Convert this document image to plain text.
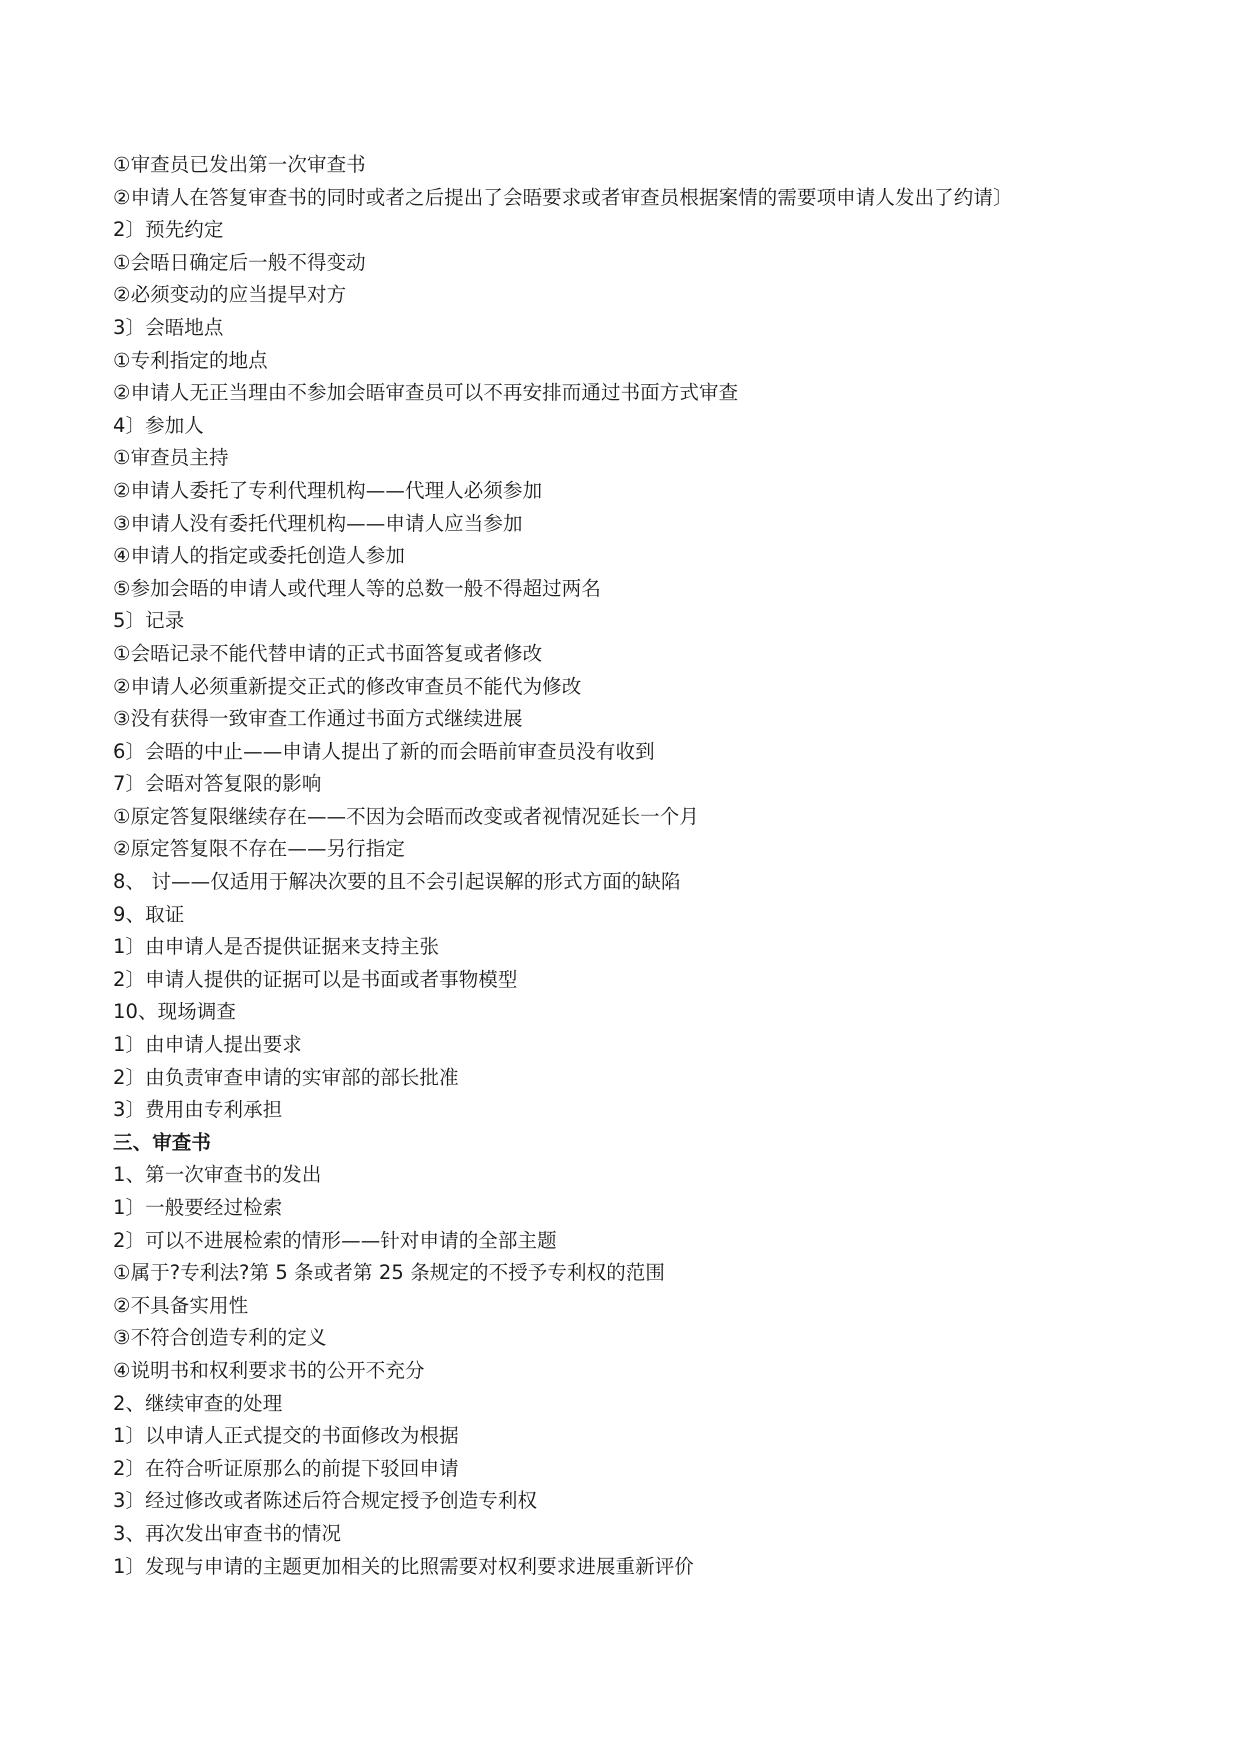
①审查员已发出第一次审查书
②申请人在答复审查书的同时或者之后提出了会晤要求或者审查员根据案情的需要项申请人发出了约请〕
2〕预先约定
①会晤日确定后一般不得变动
②必须变动的应当提早对方
3〕会晤地点
①专利指定的地点
②申请人无正当理由不参加会晤审查员可以不再安排而通过书面方式审查
4〕参加人
①审查员主持
②申请人委托了专利代理机构——代理人必须参加
③申请人没有委托代理机构——申请人应当参加
④申请人的指定或委托创造人参加
⑤参加会晤的申请人或代理人等的总数一般不得超过两名
5〕记录
①会晤记录不能代替申请的正式书面答复或者修改
②申请人必须重新提交正式的修改审查员不能代为修改
③没有获得一致审查工作通过书面方式继续进展
6〕会晤的中止——申请人提出了新的而会晤前审查员没有收到
7〕会晤对答复限的影响
①原定答复限继续存在——不因为会晤而改变或者视情况延长一个月
②原定答复限不存在——另行指定
8、 讨——仅适用于解决次要的且不会引起误解的形式方面的缺陷
9、取证
1〕由申请人是否提供证据来支持主张
2〕申请人提供的证据可以是书面或者事物模型
10、现场调查
1〕由申请人提出要求
2〕由负责审查申请的实审部的部长批准
3〕费用由专利承担
三、审查书
1、第一次审查书的发出
1〕一般要经过检索
2〕可以不进展检索的情形——针对申请的全部主题
①属于?专利法?第 5 条或者第 25 条规定的不授予专利权的范围
②不具备实用性
③不符合创造专利的定义
④说明书和权利要求书的公开不充分
2、继续审查的处理
1〕以申请人正式提交的书面修改为根据
2〕在符合听证原那么的前提下驳回申请
3〕经过修改或者陈述后符合规定授予创造专利权
3、再次发出审查书的情况
1〕发现与申请的主题更加相关的比照需要对权利要求进展重新评价
